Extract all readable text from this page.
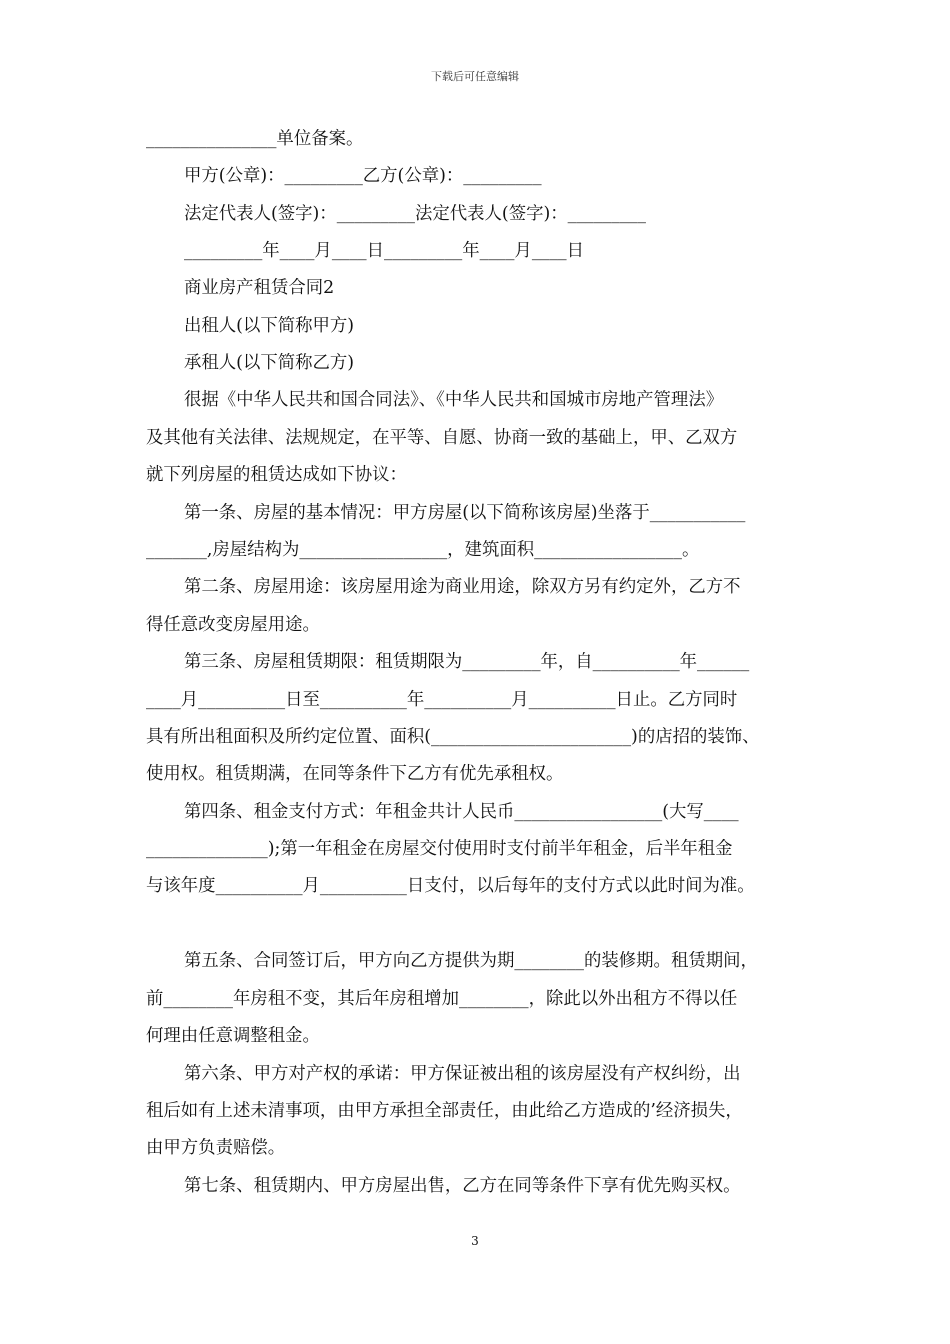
下载后可任意编辑
_______________单位备案。
甲方(公章)：_________乙方(公章)：_________
法定代表人(签字)：_________法定代表人(签字)：_________
_________年____月____日_________年____月____日
商业房产租赁合同2
出租人(以下简称甲方)
承租人(以下简称乙方)
很据《中华人民共和国合同法》、《中华人民共和国城市房地产管理法》
及其他有关法律、法规规定，在平等、自愿、协商一致的基础上，甲、乙双方
就下列房屋的租赁达成如下协议：
第一条、房屋的基本情况：甲方房屋(以下简称该房屋)坐落于___________
_______,房屋结构为_________________，建筑面积_________________。
第二条、房屋用途：该房屋用途为商业用途，除双方另有约定外，乙方不
得任意改变房屋用途。
第三条、房屋租赁期限：租赁期限为_________年，自__________年______
____月__________日至__________年__________月__________日止。乙方同时
具有所出租面积及所约定位置、面积(_______________________)的店招的装饰、
使用权。租赁期满，在同等条件下乙方有优先承租权。
第四条、租金支付方式：年租金共计人民币_________________(大写____
______________);第一年租金在房屋交付使用时支付前半年租金，后半年租金
与该年度__________月__________日支付，以后每年的支付方式以此时间为准。
第五条、合同签订后，甲方向乙方提供为期________的装修期。租赁期间，
前________年房租不变，其后年房租增加________，除此以外出租方不得以任
何理由任意调整租金。
第六条、甲方对产权的承诺：甲方保证被出租的该房屋没有产权纠纷，出
租后如有上述未清事项，由甲方承担全部责任，由此给乙方造成的’经济损失，
由甲方负责赔偿。
第七条、租赁期内、甲方房屋出售，乙方在同等条件下享有优先购买权。
3
